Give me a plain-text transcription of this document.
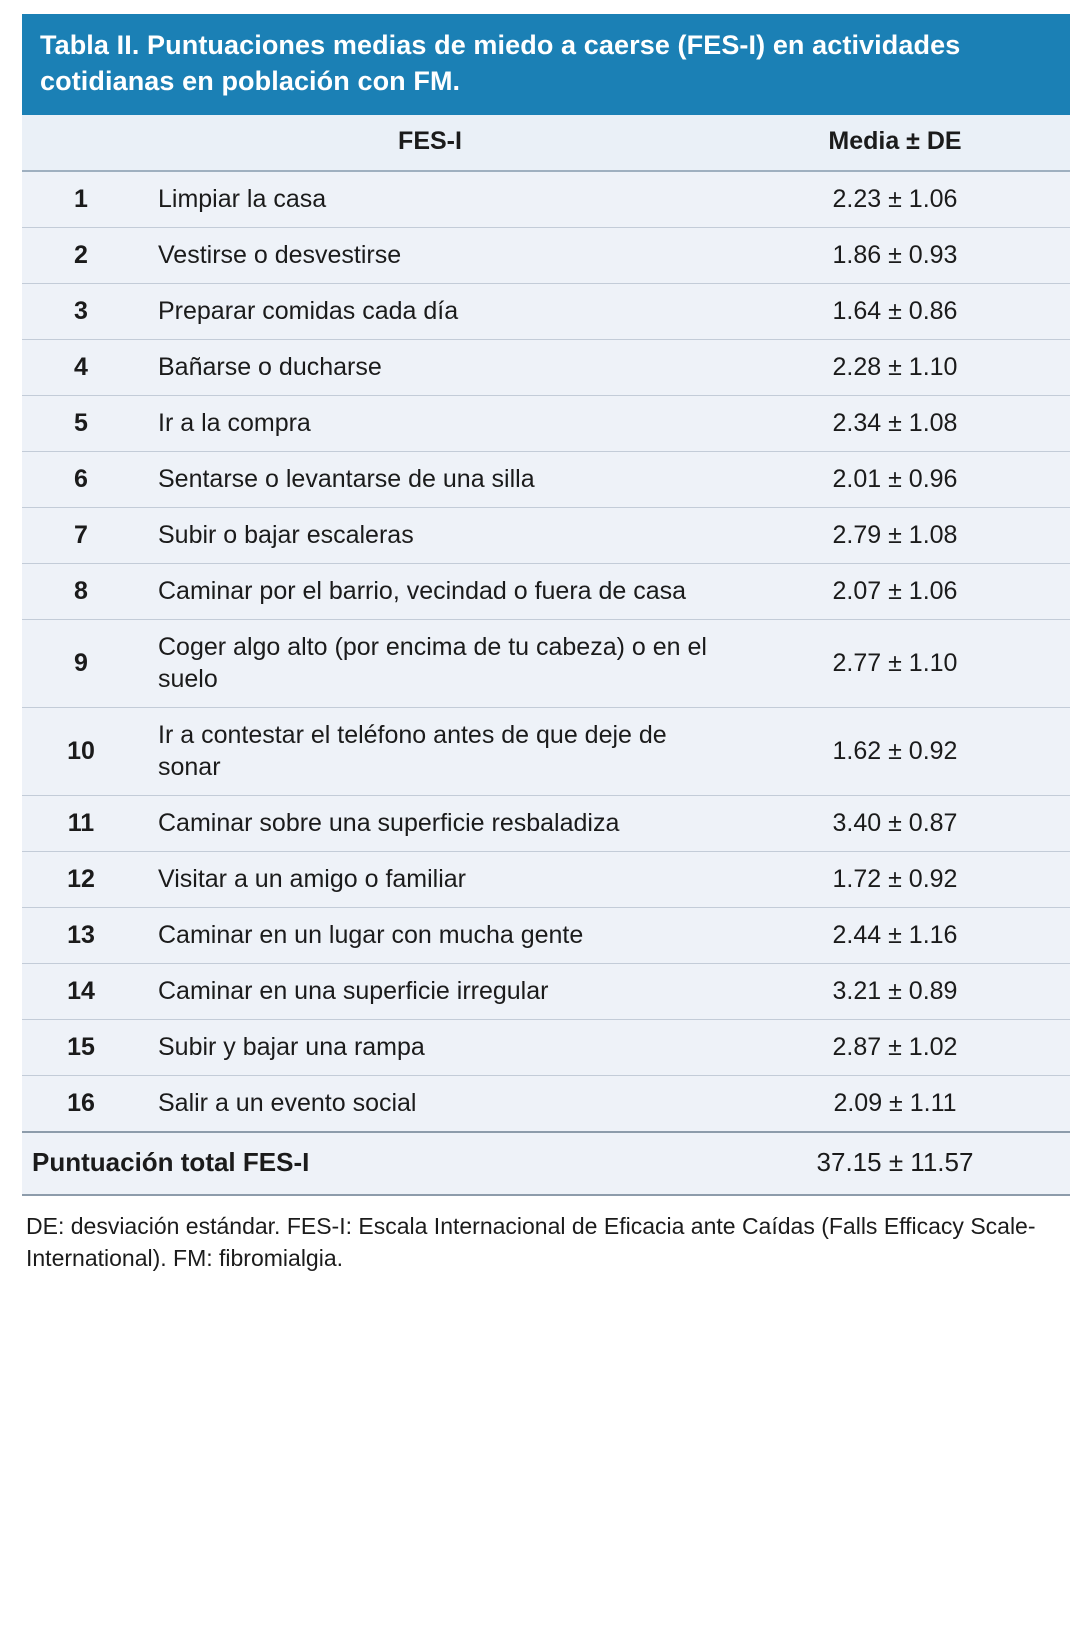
Tabla II. Puntuaciones medias de miedo a caerse (FES-I) en actividades cotidianas en población con FM.
	FES-I	Media ± DE
1	Limpiar la casa	2.23 ± 1.06
2	Vestirse o desvestirse	1.86 ± 0.93
3	Preparar comidas cada día	1.64 ± 0.86
4	Bañarse o ducharse	2.28 ± 1.10
5	Ir a la compra	2.34 ± 1.08
6	Sentarse o levantarse de una silla	2.01 ± 0.96
7	Subir o bajar escaleras	2.79 ± 1.08
8	Caminar por el barrio, vecindad o fuera de casa	2.07 ± 1.06
9	Coger algo alto (por encima de tu cabeza) o en el suelo	2.77 ± 1.10
10	Ir a contestar el teléfono antes de que deje de sonar	1.62 ± 0.92
11	Caminar sobre una superficie resbaladiza	3.40 ± 0.87
12	Visitar a un amigo o familiar	1.72 ± 0.92
13	Caminar en un lugar con mucha gente	2.44 ± 1.16
14	Caminar en una superficie irregular	3.21 ± 0.89
15	Subir y bajar una rampa	2.87 ± 1.02
16	Salir a un evento social	2.09 ± 1.11
Puntuación total FES-I		37.15 ± 11.57
DE: desviación estándar. FES-I: Escala Internacional de Eficacia ante Caídas (Falls Efficacy Scale-International). FM: fibromialgia.
